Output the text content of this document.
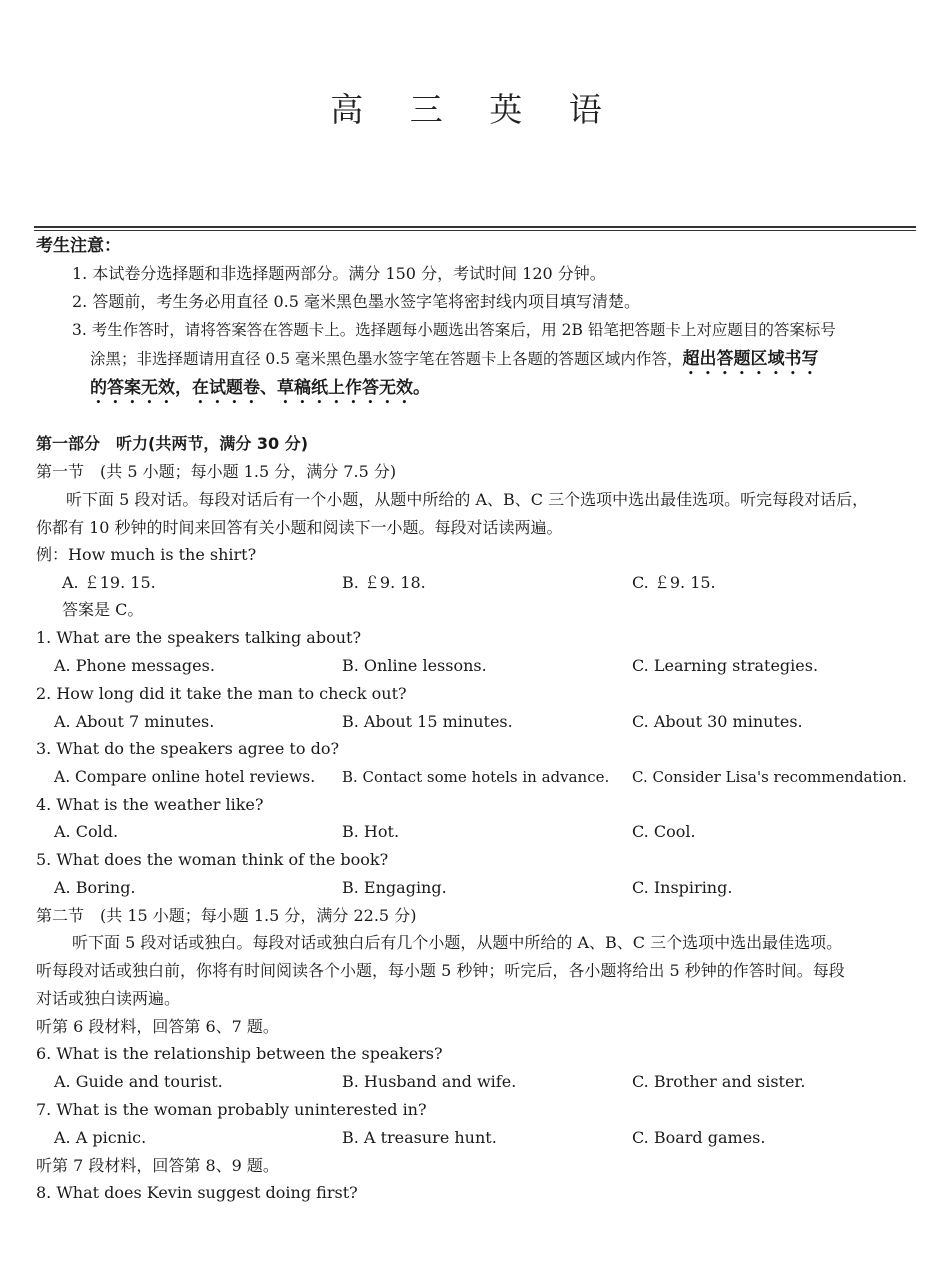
高 三 英 语
考生注意：
1. 本试卷分选择题和非选择题两部分。满分 150 分，考试时间 120 分钟。
2. 答题前，考生务必用直径 0.5 毫米黑色墨水签字笔将密封线内项目填写清楚。
3. 考生作答时，请将答案答在答题卡上。选择题每小题选出答案后，用 2B 铅笔把答题卡上对应题目的答案标号
涂黑；非选择题请用直径 0.5 毫米黑色墨水签字笔在答题卡上各题的答题区域内作答，超出答题区域书写
的答案无效，在试题卷、草稿纸上作答无效。
第一部分　听力(共两节，满分 30 分)
第一节　(共 5 小题；每小题 1.5 分，满分 7.5 分)
听下面 5 段对话。每段对话后有一个小题，从题中所给的 A、B、C 三个选项中选出最佳选项。听完每段对话后，
你都有 10 秒钟的时间来回答有关小题和阅读下一小题。每段对话读两遍。
例：How much is the shirt?
A. ￡19. 15.	B. ￡9. 18.	C. ￡9. 15.
答案是 C。
1. What are the speakers talking about?
A. Phone messages.	B. Online lessons.	C. Learning strategies.
2. How long did it take the man to check out?
A. About 7 minutes.	B. About 15 minutes.	C. About 30 minutes.
3. What do the speakers agree to do?
A. Compare online hotel reviews. B. Contact some hotels in advance. C. Consider Lisa's recommendation.
4. What is the weather like?
A. Cold.	B. Hot.	C. Cool.
5. What does the woman think of the book?
A. Boring.	B. Engaging.	C. Inspiring.
第二节　(共 15 小题；每小题 1.5 分，满分 22.5 分)
听下面 5 段对话或独白。每段对话或独白后有几个小题，从题中所给的 A、B、C 三个选项中选出最佳选项。
听每段对话或独白前，你将有时间阅读各个小题，每小题 5 秒钟；听完后，各小题将给出 5 秒钟的作答时间。每段
对话或独白读两遍。
听第 6 段材料，回答第 6、7 题。
6. What is the relationship between the speakers?
A. Guide and tourist.	B. Husband and wife.	C. Brother and sister.
7. What is the woman probably uninterested in?
A. A picnic.	B. A treasure hunt.	C. Board games.
听第 7 段材料，回答第 8、9 题。
8. What does Kevin suggest doing first?
